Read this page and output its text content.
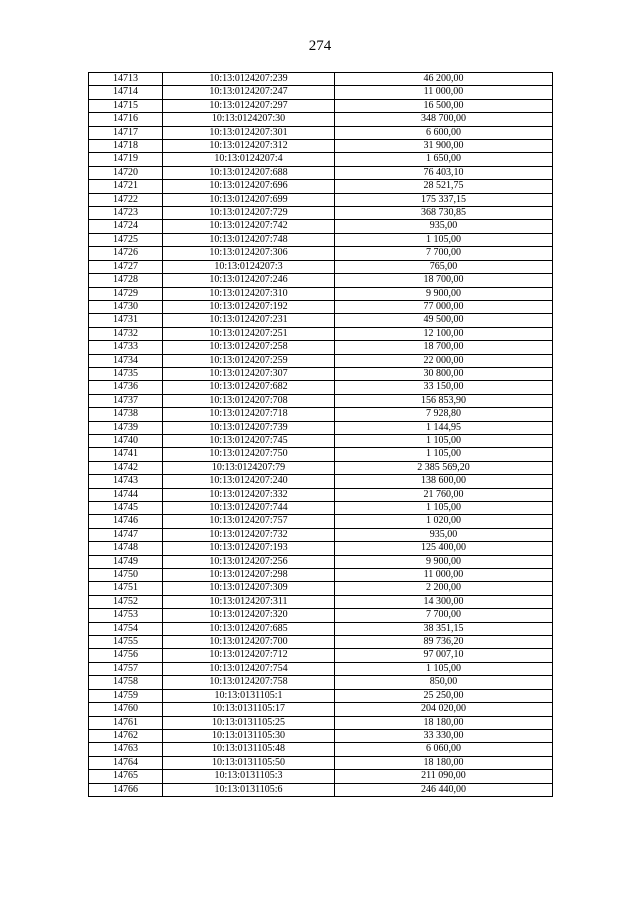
274
14713	10:13:0124207:239	46 200,00
14714	10:13:0124207:247	11 000,00
14715	10:13:0124207:297	16 500,00
14716	10:13:0124207:30	348 700,00
14717	10:13:0124207:301	6 600,00
14718	10:13:0124207:312	31 900,00
14719	10:13:0124207:4	1 650,00
14720	10:13:0124207:688	76 403,10
14721	10:13:0124207:696	28 521,75
14722	10:13:0124207:699	175 337,15
14723	10:13:0124207:729	368 730,85
14724	10:13:0124207:742	935,00
14725	10:13:0124207:748	1 105,00
14726	10:13:0124207:306	7 700,00
14727	10:13:0124207:3	765,00
14728	10:13:0124207:246	18 700,00
14729	10:13:0124207:310	9 900,00
14730	10:13:0124207:192	77 000,00
14731	10:13:0124207:231	49 500,00
14732	10:13:0124207:251	12 100,00
14733	10:13:0124207:258	18 700,00
14734	10:13:0124207:259	22 000,00
14735	10:13:0124207:307	30 800,00
14736	10:13:0124207:682	33 150,00
14737	10:13:0124207:708	156 853,90
14738	10:13:0124207:718	7 928,80
14739	10:13:0124207:739	1 144,95
14740	10:13:0124207:745	1 105,00
14741	10:13:0124207:750	1 105,00
14742	10:13:0124207:79	2 385 569,20
14743	10:13:0124207:240	138 600,00
14744	10:13:0124207:332	21 760,00
14745	10:13:0124207:744	1 105,00
14746	10:13:0124207:757	1 020,00
14747	10:13:0124207:732	935,00
14748	10:13:0124207:193	125 400,00
14749	10:13:0124207:256	9 900,00
14750	10:13:0124207:298	11 000,00
14751	10:13:0124207:309	2 200,00
14752	10:13:0124207:311	14 300,00
14753	10:13:0124207:320	7 700,00
14754	10:13:0124207:685	38 351,15
14755	10:13:0124207:700	89 736,20
14756	10:13:0124207:712	97 007,10
14757	10:13:0124207:754	1 105,00
14758	10:13:0124207:758	850,00
14759	10:13:0131105:1	25 250,00
14760	10:13:0131105:17	204 020,00
14761	10:13:0131105:25	18 180,00
14762	10:13:0131105:30	33 330,00
14763	10:13:0131105:48	6 060,00
14764	10:13:0131105:50	18 180,00
14765	10:13:0131105:3	211 090,00
14766	10:13:0131105:6	246 440,00
